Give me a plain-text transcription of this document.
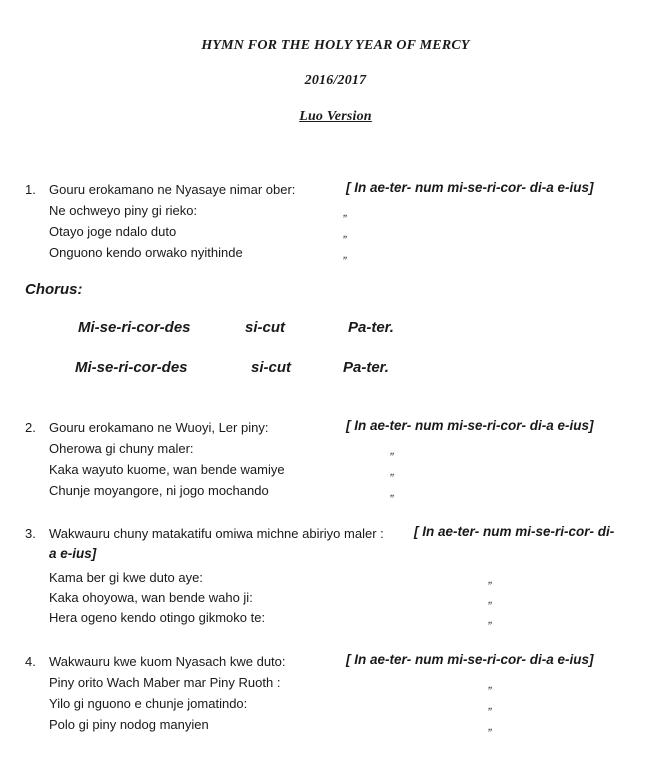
HYMN FOR THE HOLY YEAR OF MERCY
2016/2017
Luo Version
1. Gouru erokamano ne Nyasaye nimar ober:	[ In ae-ter- num mi-se-ri-cor- di-a e-ius]
Ne ochweyo piny gi rieko:	,,
Otayo joge ndalo duto	,,
Onguono kendo orwako nyithinde	,,
Chorus:
Mi-se-ri-cor-des	si-cut	Pa-ter.
Mi-se-ri-cor-des	si-cut	Pa-ter.
2. Gouru erokamano ne Wuoyi, Ler piny:	[ In ae-ter- num mi-se-ri-cor- di-a e-ius]
Oherowa gi chuny maler:	,,
Kaka wayuto kuome, wan bende wamiye	,,
Chunje moyangore, ni jogo mochando	,,
3. Wakwauru chuny matakatifu omiwa michne abiriyo maler : [ In ae-ter- num mi-se-ri-cor- di-
a e-ius]
Kama ber gi kwe duto aye:	,,
Kaka ohoyowa, wan bende waho ji:	,,
Hera ogeno kendo otingo gikmoko te:	,,
4. Wakwauru kwe kuom Nyasach kwe duto:	[ In ae-ter- num mi-se-ri-cor- di-a e-ius]
Piny orito Wach Maber mar Piny Ruoth :	,,
Yilo gi nguono e chunje jomatindo:	,,
Polo gi piny nodog manyien	,,
